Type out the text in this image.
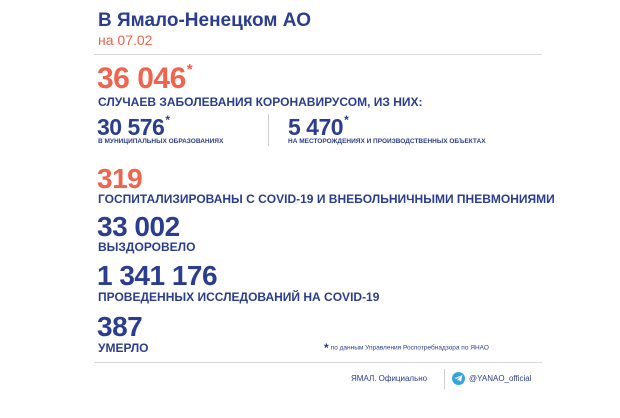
В Ямало-Ненецком АО
на 07.02
36 046*
СЛУЧАЕВ ЗАБОЛЕВАНИЯ КОРОНАВИРУСОМ, ИЗ НИХ:
30 576*
В МУНИЦИПАЛЬНЫХ ОБРАЗОВАНИЯХ
5 470*
НА МЕСТОРОЖДЕНИЯХ И ПРОИЗВОДСТВЕННЫХ ОБЪЕКТАХ
319
ГОСПИТАЛИЗИРОВАНЫ С COVID-19 И ВНЕБОЛЬНИЧНЫМИ ПНЕВМОНИЯМИ
33 002
ВЫЗДОРОВЕЛО
1 341 176
ПРОВЕДЕННЫХ ИССЛЕДОВАНИЙ НА COVID-19
387
УМЕРЛО	* по данным Управления Роспотребнадзора по ЯНАО
ЯМАЛ. Официально	@YANAO_official
